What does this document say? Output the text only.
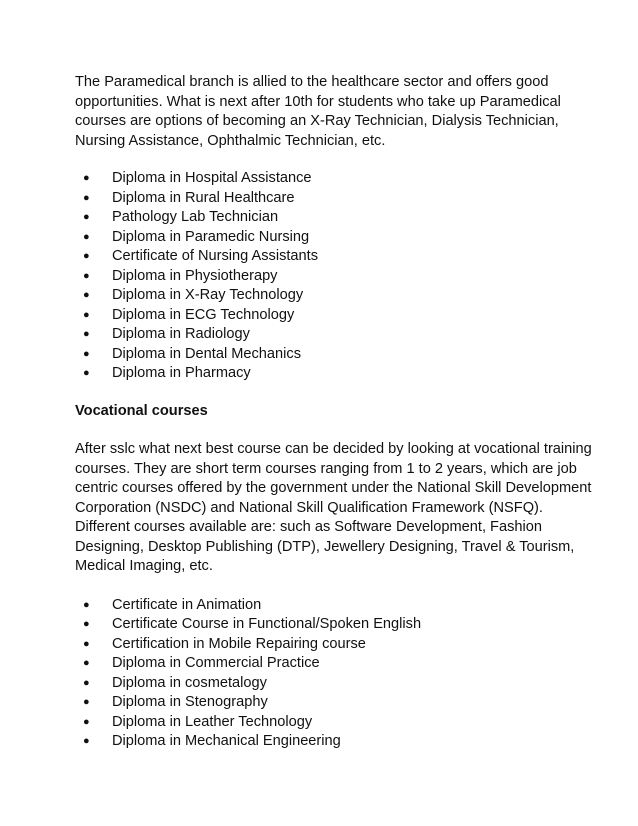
The Paramedical branch is allied to the healthcare sector and offers good opportunities. What is next after 10th for students who take up Paramedical courses are options of becoming an X-Ray Technician, Dialysis Technician, Nursing Assistance, Ophthalmic Technician, etc.

● Diploma in Hospital Assistance
● Diploma in Rural Healthcare
● Pathology Lab Technician
● Diploma in Paramedic Nursing
● Certificate of Nursing Assistants
● Diploma in Physiotherapy
● Diploma in X-Ray Technology
● Diploma in ECG Technology
● Diploma in Radiology
● Diploma in Dental Mechanics
● Diploma in Pharmacy

Vocational courses

After sslc what next best course can be decided by looking at vocational training courses. They are short term courses ranging from 1 to 2 years, which are job centric courses offered by the government under the National Skill Development Corporation (NSDC) and National Skill Qualification Framework (NSFQ). Different courses available are: such as Software Development, Fashion Designing, Desktop Publishing (DTP), Jewellery Designing, Travel & Tourism, Medical Imaging, etc.

● Certificate in Animation
● Certificate Course in Functional/Spoken English
● Certification in Mobile Repairing course
● Diploma in Commercial Practice
● Diploma in cosmetalogy
● Diploma in Stenography
● Diploma in Leather Technology
● Diploma in Mechanical Engineering
